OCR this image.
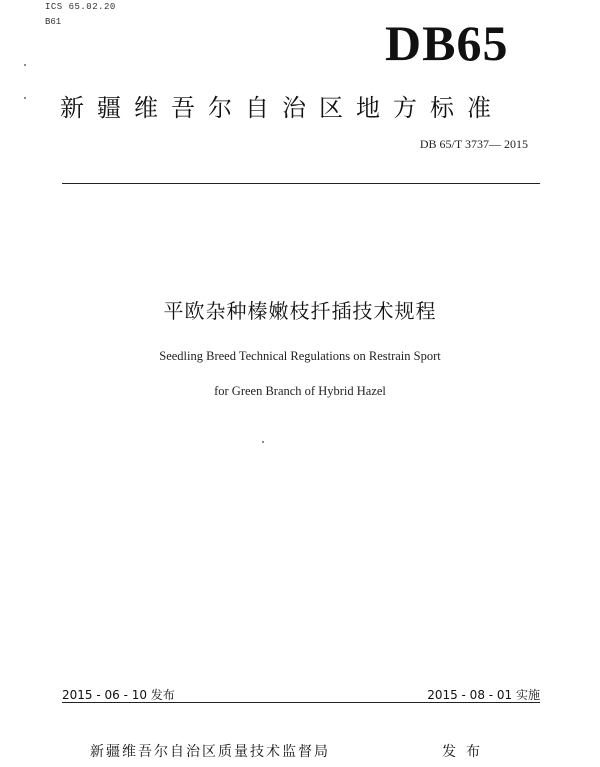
ICS 65.02.20
B61	DB65
新疆维吾尔自治区地方标准
DB 65/T 3737— 2015
平欧杂种榛嫩枝扦插技术规程
Seedling Breed Technical Regulations on Restrain Sport
for Green Branch of Hybrid Hazel
2015 - 06 - 10 发布	2015 - 08 - 01 实施
新疆维吾尔自治区质量技术监督局	发布
